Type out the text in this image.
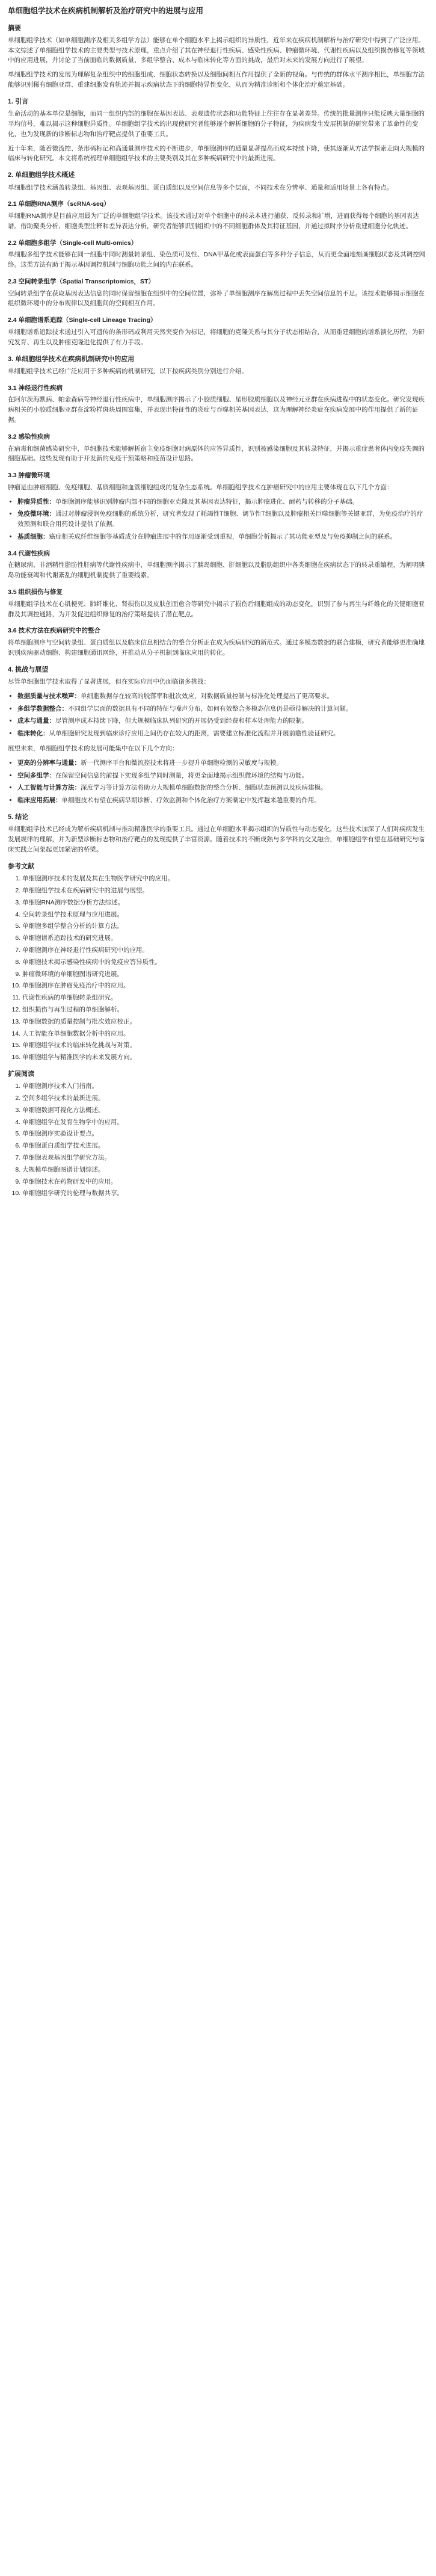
单细胞组学技术在疾病机制解析及治疗研究中的进展与应用
摘要

单细胞组学技术（如单细胞测序及相关多组学方法）能够在单个细胞水平上揭示组织的异质性，近年来在疾病机制解析与治疗研究中得到了广泛应用。本文综述了单细胞组学技术的主要类型与技术原理，重点介绍了其在神经退行性疾病、感染性疾病、肿瘤微环境、代谢性疾病以及组织损伤修复等领域中的应用进展，并讨论了当前面临的数据质量、多组学整合、成本与临床转化等方面的挑战，最后对未来的发展方向进行了展望。

单细胞组学技术的发展为理解复杂组织中的细胞组成、细胞状态转换以及细胞间相互作用提供了全新的视角。与传统的群体水平测序相比，单细胞方法能够识别稀有细胞亚群、重建细胞发育轨迹并揭示疾病状态下的细胞特异性变化，从而为精准诊断和个体化治疗奠定基础。

1. 引言

生命活动的基本单位是细胞，而同一组织内部的细胞在基因表达、表观遗传状态和功能特征上往往存在显著差异。传统的批量测序只能反映大量细胞的平均信号，难以揭示这种细胞异质性。单细胞组学技术的出现使研究者能够逐个解析细胞的分子特征，为疾病发生发展机制的研究带来了革命性的变化，也为发现新的诊断标志物和治疗靶点提供了重要工具。

近十年来，随着微流控、条形码标记和高通量测序技术的不断进步，单细胞测序的通量显著提高而成本持续下降，使其逐渐从方法学探索走向大规模的临床与转化研究。本文将系统梳理单细胞组学技术的主要类别及其在多种疾病研究中的最新进展。

2. 单细胞组学技术概述

单细胞组学技术涵盖转录组、基因组、表观基因组、蛋白质组以及空间信息等多个层面，不同技术在分辨率、通量和适用场景上各有特点。

2.1 单细胞RNA测序（scRNA-seq）

单细胞RNA测序是目前应用最为广泛的单细胞组学技术。该技术通过对单个细胞中的转录本进行捕获、反转录和扩增，进而获得每个细胞的基因表达谱。借助聚类分析、细胞类型注释和差异表达分析，研究者能够识别组织中的不同细胞群体及其特征基因，并通过拟时序分析重建细胞分化轨迹。

2.2 单细胞多组学（Single-cell Multi-omics）

单细胞多组学技术能够在同一细胞中同时测量转录组、染色质可及性、DNA甲基化或表面蛋白等多种分子信息，从而更全面地刻画细胞状态及其调控网络。这类方法有助于揭示基因调控机制与细胞功能之间的内在联系。

2.3 空间转录组学（Spatial Transcriptomics，ST）

空间转录组学在获取基因表达信息的同时保留细胞在组织中的空间位置，弥补了单细胞测序在解离过程中丢失空间信息的不足。该技术能够揭示细胞在组织微环境中的分布规律以及细胞间的空间相互作用。

2.4 单细胞谱系追踪（Single-cell Lineage Tracing）

单细胞谱系追踪技术通过引入可遗传的条形码或利用天然突变作为标记，将细胞的克隆关系与其分子状态相结合，从而重建细胞的谱系演化历程，为研究发育、再生以及肿瘤克隆进化提供了有力手段。

3. 单细胞组学技术在疾病机制研究中的应用

单细胞组学技术已经广泛应用于多种疾病的机制研究，以下按疾病类别分别进行介绍。

3.1 神经退行性疾病

在阿尔茨海默病、帕金森病等神经退行性疾病中，单细胞测序揭示了小胶质细胞、星形胶质细胞以及神经元亚群在疾病进程中的状态变化。研究发现疾病相关的小胶质细胞亚群在淀粉样斑块周围富集，并表现出特征性的炎症与吞噬相关基因表达，这为理解神经炎症在疾病发展中的作用提供了新的证据。

3.2 感染性疾病

在病毒和细菌感染研究中，单细胞技术能够解析宿主免疫细胞对病原体的应答异质性，识别被感染细胞及其转录特征，并揭示重症患者体内免疫失调的细胞基础。这些发现有助于开发新的免疫干预策略和疫苗设计思路。

3.3 肿瘤微环境

肿瘤是由肿瘤细胞、免疫细胞、基质细胞和血管细胞组成的复杂生态系统。单细胞组学技术在肿瘤研究中的应用主要体现在以下几个方面：

• 肿瘤异质性：单细胞测序能够识别肿瘤内部不同的细胞亚克隆及其基因表达特征，揭示肿瘤进化、耐药与转移的分子基础。
• 免疫微环境：通过对肿瘤浸润免疫细胞的系统分析，研究者发现了耗竭性T细胞、调节性T细胞以及肿瘤相关巨噬细胞等关键亚群，为免疫治疗的疗效预测和联合用药设计提供了依据。
• 基质细胞：癌症相关成纤维细胞等基质成分在肿瘤进展中的作用逐渐受到重视，单细胞分析揭示了其功能亚型及与免疫抑制之间的联系。
3.4 代谢性疾病

在糖尿病、非酒精性脂肪性肝病等代谢性疾病中，单细胞测序揭示了胰岛细胞、肝细胞以及脂肪组织中各类细胞在疾病状态下的转录重编程，为阐明胰岛功能衰竭和代谢紊乱的细胞机制提供了重要线索。

3.5 组织损伤与修复

单细胞组学技术在心肌梗死、肺纤维化、肾损伤以及皮肤创面愈合等研究中揭示了损伤后细胞组成的动态变化，识别了参与再生与纤维化的关键细胞亚群及其调控通路，为开发促进组织修复的治疗策略提供了潜在靶点。

3.6 技术方法在疾病研究中的整合

将单细胞测序与空间转录组、蛋白质组以及临床信息相结合的整合分析正在成为疾病研究的新范式。通过多模态数据的联合建模，研究者能够更准确地识别疾病驱动细胞、构建细胞通讯网络，并推动从分子机制到临床应用的转化。

4. 挑战与展望

尽管单细胞组学技术取得了显著进展，但在实际应用中仍面临诸多挑战：

• 数据质量与技术噪声：单细胞数据存在较高的脱落率和批次效应，对数据质量控制与标准化处理提出了更高要求。
• 多组学数据整合：不同组学层面的数据具有不同的特征与噪声分布，如何有效整合多模态信息仍是亟待解决的计算问题。
• 成本与通量：尽管测序成本持续下降，但大规模临床队列研究的开展仍受到经费和样本处理能力的限制。
• 临床转化：从单细胞研究发现到临床诊疗应用之间仍存在较大的距离，需要建立标准化流程并开展前瞻性验证研究。

展望未来，单细胞组学技术的发展可能集中在以下几个方向：

• 更高的分辨率与通量：新一代测序平台和微流控技术将进一步提升单细胞检测的灵敏度与规模。
• 空间多组学：在保留空间信息的前提下实现多组学同时测量，将更全面地揭示组织微环境的结构与功能。
• 人工智能与计算方法：深度学习等计算方法将助力大规模单细胞数据的整合分析、细胞状态预测以及疾病建模。
• 临床应用拓展：单细胞技术有望在疾病早期诊断、疗效监测和个体化治疗方案制定中发挥越来越重要的作用。
5. 结论

单细胞组学技术已经成为解析疾病机制与推动精准医学的重要工具。通过在单细胞水平揭示组织的异质性与动态变化，这些技术加深了人们对疾病发生发展规律的理解，并为新型诊断标志物和治疗靶点的发现提供了丰富资源。随着技术的不断成熟与多学科的交叉融合，单细胞组学有望在基础研究与临床实践之间架起更加紧密的桥梁。

参考文献
1. 单细胞测序技术的发展及其在生物医学研究中的应用。
2. 单细胞组学技术在疾病研究中的进展与展望。
3. 单细胞RNA测序数据分析方法综述。
4. 空间转录组学技术原理与应用进展。
5. 单细胞多组学整合分析的计算方法。
6. 单细胞谱系追踪技术的研究进展。
7. 单细胞测序在神经退行性疾病研究中的应用。
8. 单细胞技术揭示感染性疾病中的免疫应答异质性。
9. 肿瘤微环境的单细胞图谱研究进展。
10. 单细胞测序在肿瘤免疫治疗中的应用。
11. 代谢性疾病的单细胞转录组研究。
12. 组织损伤与再生过程的单细胞解析。
13. 单细胞数据的质量控制与批次效应校正。
14. 人工智能在单细胞数据分析中的应用。
15. 单细胞组学技术的临床转化挑战与对策。
16. 单细胞组学与精准医学的未来发展方向。
扩展阅读
1. 单细胞测序技术入门指南。
2. 空间多组学技术的最新进展。
3. 单细胞数据可视化方法概述。
4. 单细胞组学在发育生物学中的应用。
5. 单细胞测序实验设计要点。
6. 单细胞蛋白质组学技术进展。
7. 单细胞表观基因组学研究方法。
8. 大规模单细胞图谱计划综述。
9. 单细胞技术在药物研发中的应用。
10. 单细胞组学研究的伦理与数据共享。
